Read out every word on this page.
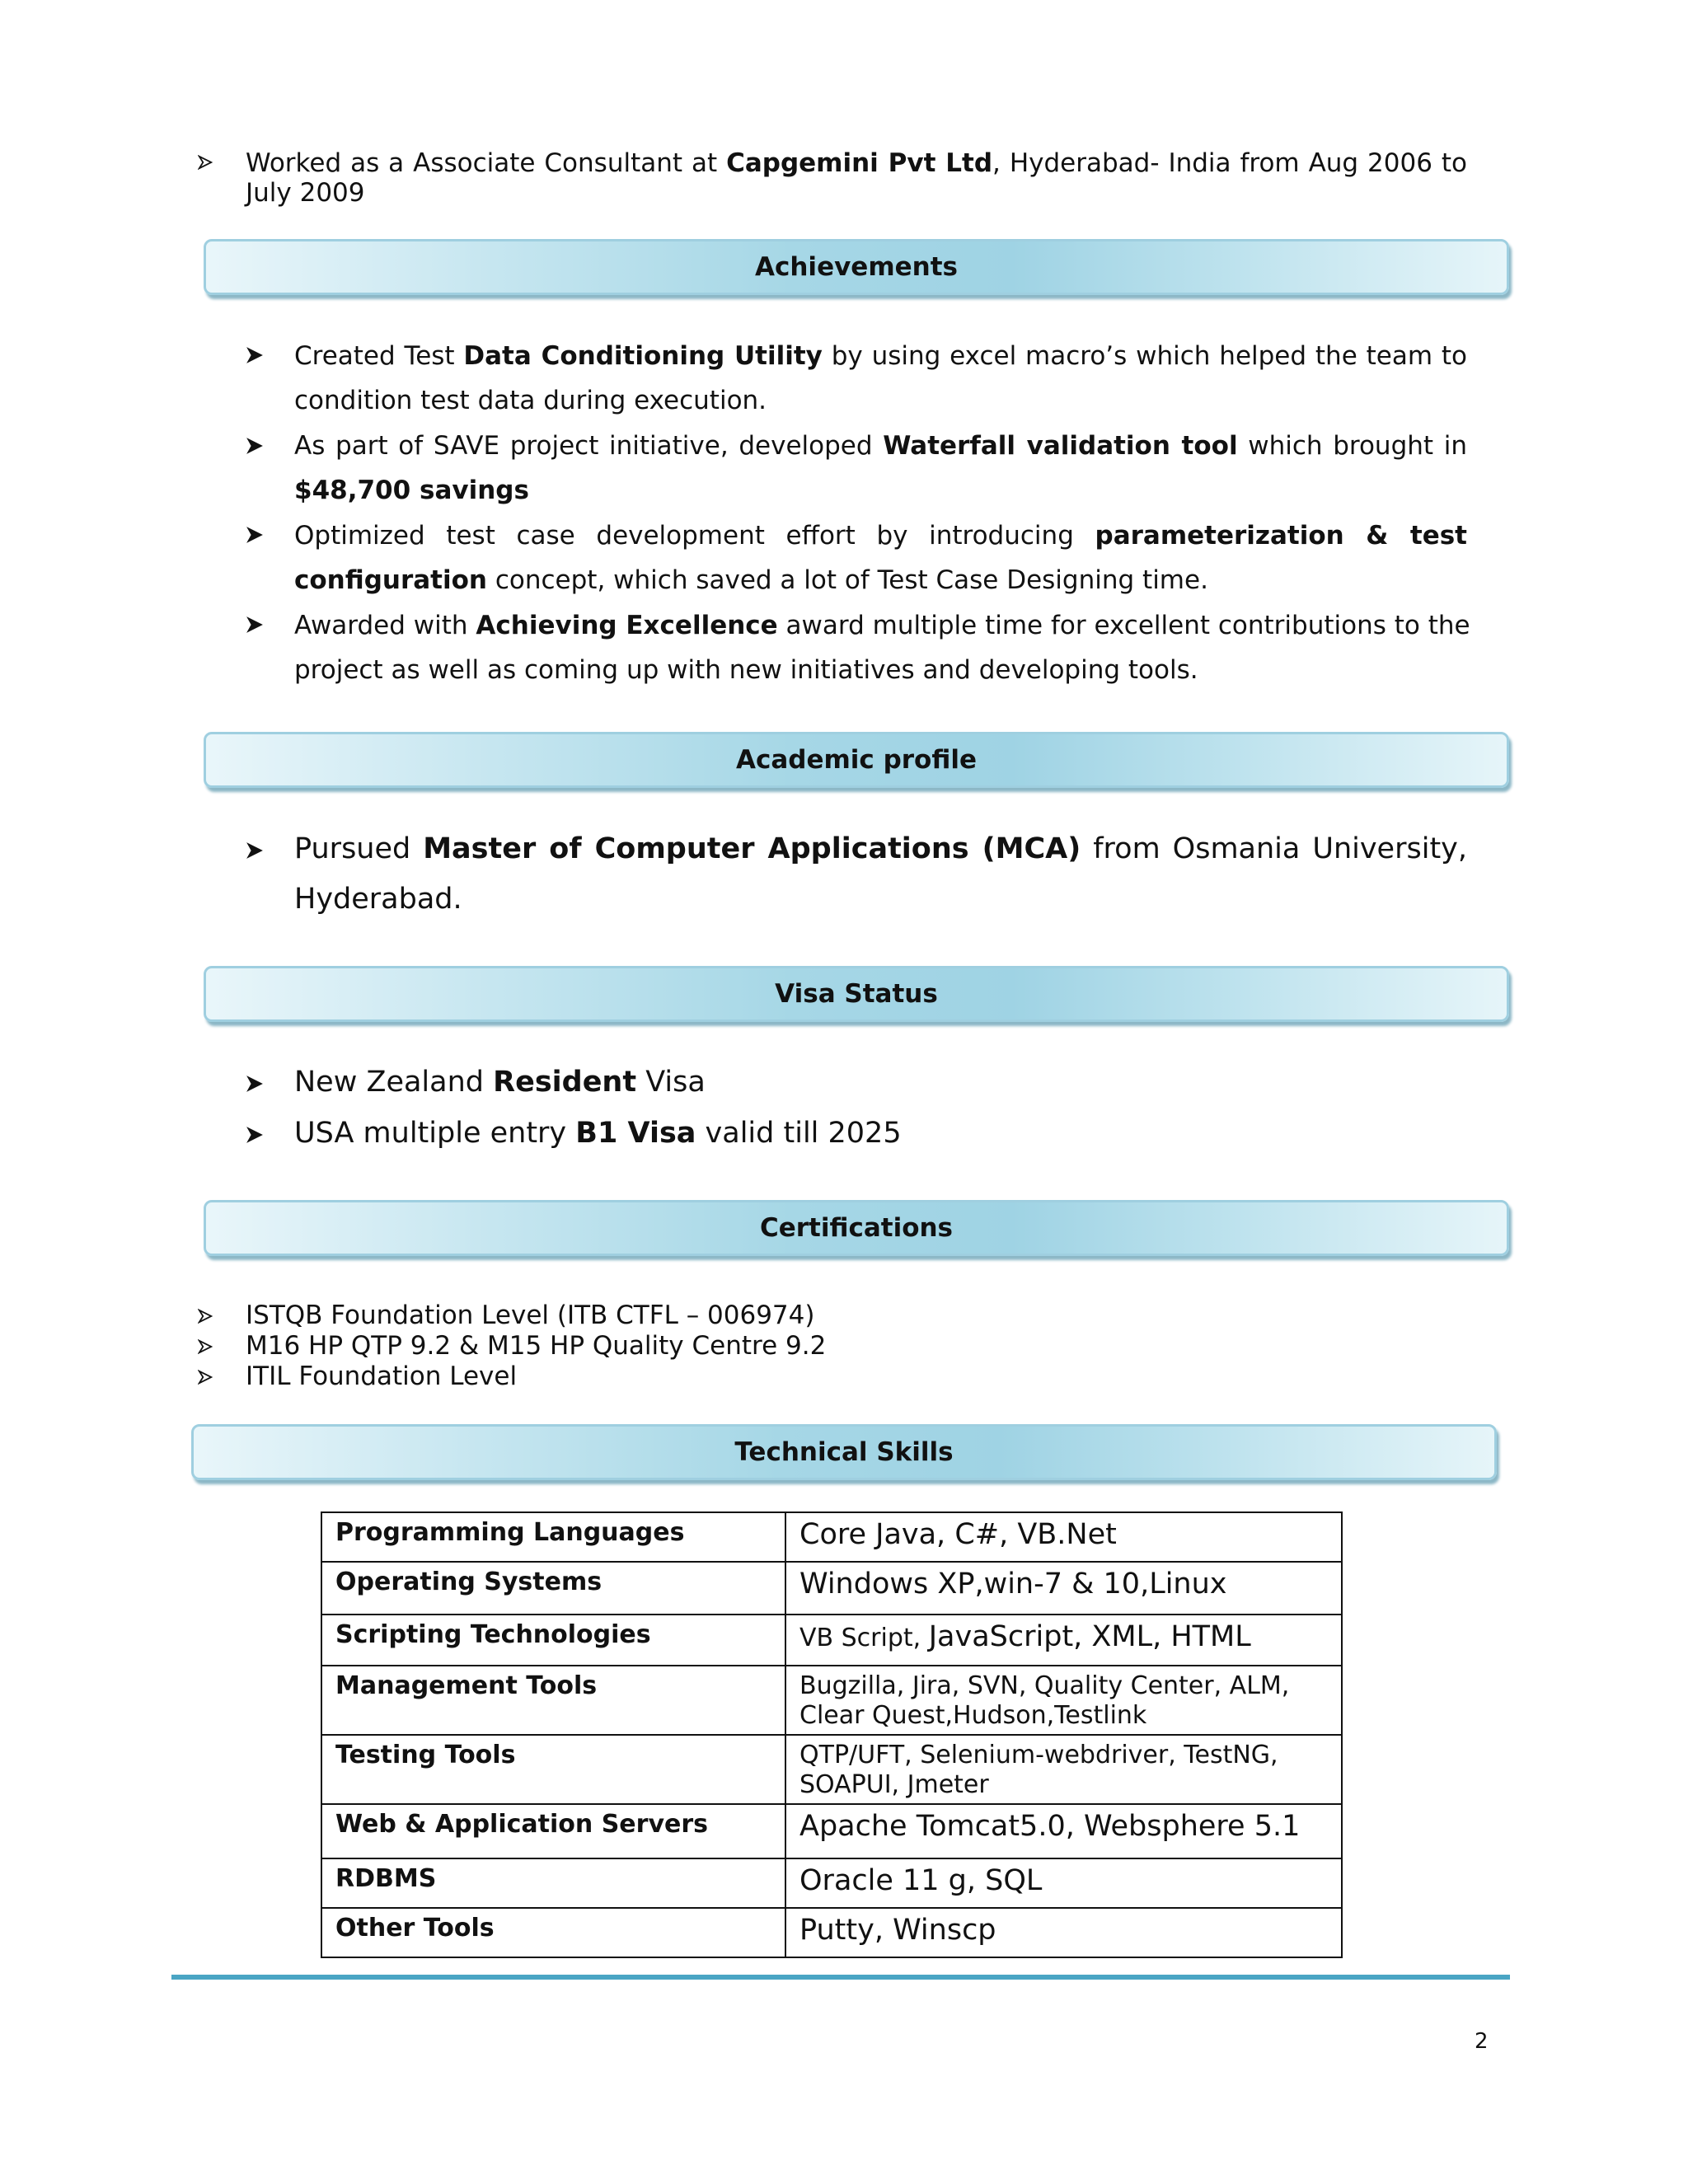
Worked as a Associate Consultant at Capgemini Pvt Ltd, Hyderabad- India from Aug 2006 to
July 2009
Achievements
Created Test Data Conditioning Utility by using excel macro’s which helped the team to
condition test data during execution.
As part of SAVE project initiative, developed Waterfall validation tool which brought in
$48,700 savings
Optimized test case development effort by introducing parameterization & test
configuration concept, which saved a lot of Test Case Designing time.
Awarded with Achieving Excellence award multiple time for excellent contributions to the
project as well as coming up with new initiatives and developing tools.
Academic profile
Pursued Master of Computer Applications (MCA) from Osmania University,
Hyderabad.
Visa Status
New Zealand Resident Visa
USA multiple entry B1 Visa valid till 2025
Certifications
ISTQB Foundation Level (ITB CTFL – 006974)
M16 HP QTP 9.2 & M15 HP Quality Centre 9.2
ITIL Foundation Level
Technical Skills
Programming Languages	Core Java, C#, VB.Net
Operating Systems	Windows XP,win-7 & 10,Linux
Scripting Technologies	VB Script, JavaScript, XML, HTML
Management Tools	Bugzilla, Jira, SVN, Quality Center, ALM,
Clear Quest,Hudson,Testlink

Testing Tools	QTP/UFT, Selenium-webdriver, TestNG,
SOAPUI, Jmeter

Web & Application Servers	Apache Tomcat5.0, Websphere 5.1
RDBMS	Oracle 11 g, SQL
Other Tools	Putty, Winscp
2
